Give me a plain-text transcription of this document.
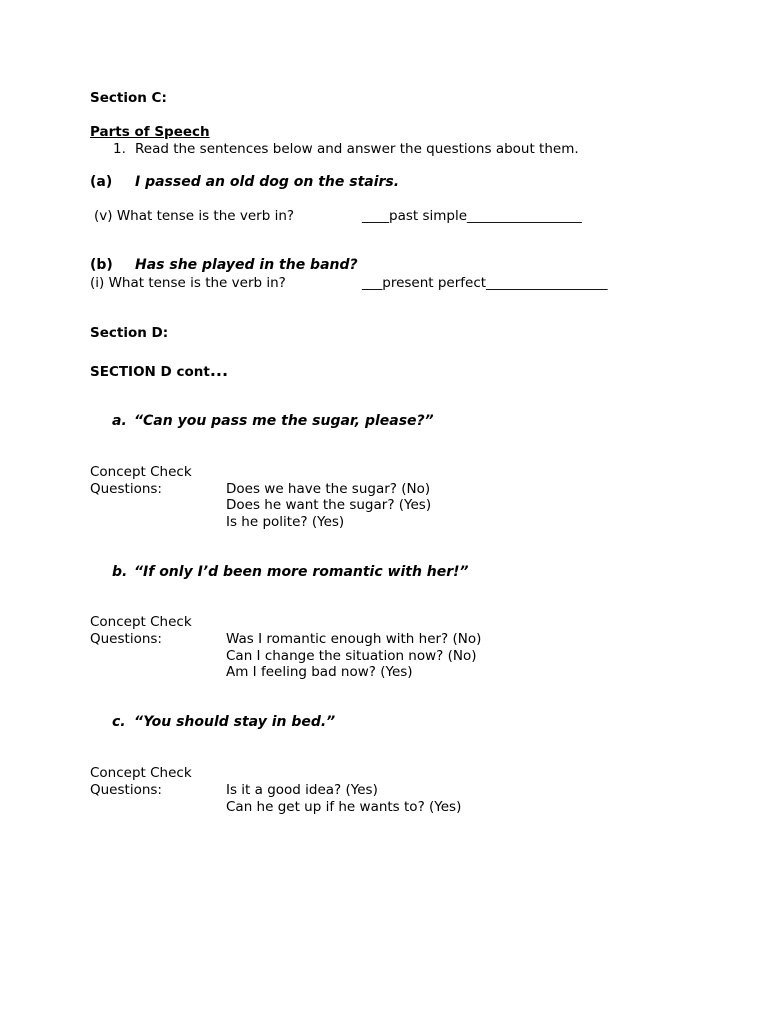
Section C:
Parts of Speech
1. Read the sentences below and answer the questions about them.
(a) I passed an old dog on the stairs.
(v) What tense is the verb in?	____past simple_________________
(b) Has she played in the band?
(i) What tense is the verb in?	___present perfect__________________
Section D:
SECTION D cont...
a. “Can you pass me the sugar, please?”
Concept Check
Questions:	Does we have the sugar? (No)
Does he want the sugar? (Yes)
Is he polite? (Yes)
b. “If only I’d been more romantic with her!”
Concept Check
Questions:	Was I romantic enough with her? (No)
Can I change the situation now? (No)
Am I feeling bad now? (Yes)
c. “You should stay in bed.”
Concept Check
Questions:	Is it a good idea? (Yes)
Can he get up if he wants to? (Yes)
